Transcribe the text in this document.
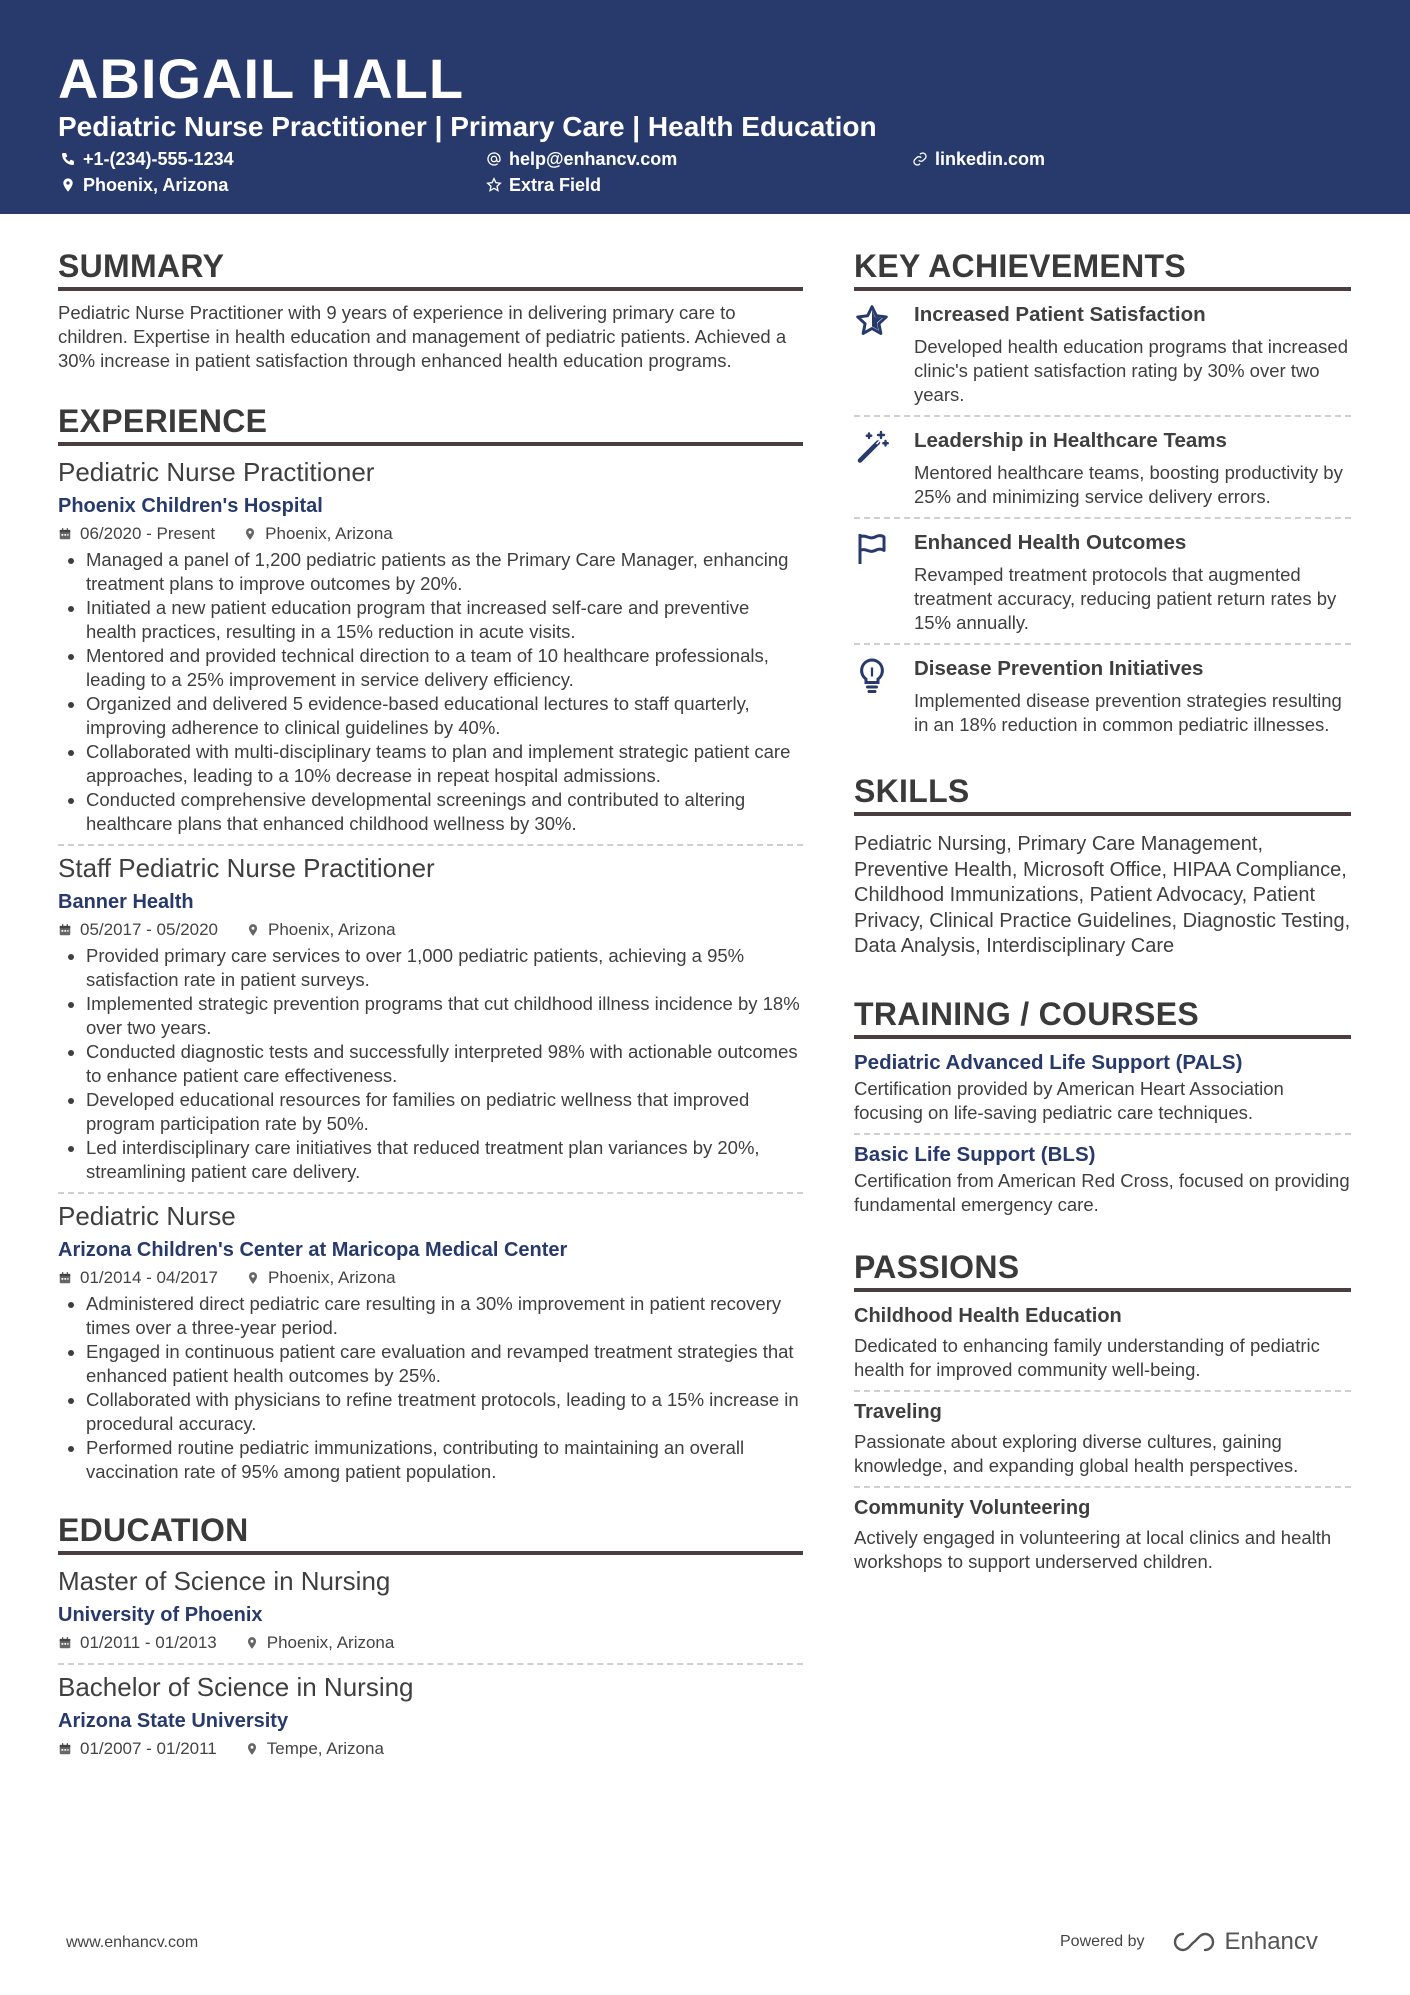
ABIGAIL HALL
Pediatric Nurse Practitioner | Primary Care | Health Education
+1-(234)-555-1234	help@enhancv.com	linkedin.com
Phoenix, Arizona	Extra Field
SUMMARY
Pediatric Nurse Practitioner with 9 years of experience in delivering primary care to children. Expertise in health education and management of pediatric patients. Achieved a 30% increase in patient satisfaction through enhanced health education programs.
EXPERIENCE
Pediatric Nurse Practitioner
Phoenix Children's Hospital
06/2020 - Present	Phoenix, Arizona
• Managed a panel of 1,200 pediatric patients as the Primary Care Manager, enhancing treatment plans to improve outcomes by 20%.
• Initiated a new patient education program that increased self-care and preventive health practices, resulting in a 15% reduction in acute visits.
• Mentored and provided technical direction to a team of 10 healthcare professionals, leading to a 25% improvement in service delivery efficiency.
• Organized and delivered 5 evidence-based educational lectures to staff quarterly, improving adherence to clinical guidelines by 40%.
• Collaborated with multi-disciplinary teams to plan and implement strategic patient care approaches, leading to a 10% decrease in repeat hospital admissions.
• Conducted comprehensive developmental screenings and contributed to altering healthcare plans that enhanced childhood wellness by 30%.
Staff Pediatric Nurse Practitioner
Banner Health
05/2017 - 05/2020	Phoenix, Arizona
• Provided primary care services to over 1,000 pediatric patients, achieving a 95% satisfaction rate in patient surveys.
• Implemented strategic prevention programs that cut childhood illness incidence by 18% over two years.
• Conducted diagnostic tests and successfully interpreted 98% with actionable outcomes to enhance patient care effectiveness.
• Developed educational resources for families on pediatric wellness that improved program participation rate by 50%.
• Led interdisciplinary care initiatives that reduced treatment plan variances by 20%, streamlining patient care delivery.
Pediatric Nurse
Arizona Children's Center at Maricopa Medical Center
01/2014 - 04/2017	Phoenix, Arizona
• Administered direct pediatric care resulting in a 30% improvement in patient recovery times over a three-year period.
• Engaged in continuous patient care evaluation and revamped treatment strategies that enhanced patient health outcomes by 25%.
• Collaborated with physicians to refine treatment protocols, leading to a 15% increase in procedural accuracy.
• Performed routine pediatric immunizations, contributing to maintaining an overall vaccination rate of 95% among patient population.
EDUCATION
Master of Science in Nursing
University of Phoenix
01/2011 - 01/2013	Phoenix, Arizona
Bachelor of Science in Nursing
Arizona State University
01/2007 - 01/2011	Tempe, Arizona
KEY ACHIEVEMENTS
Increased Patient Satisfaction
Developed health education programs that increased clinic's patient satisfaction rating by 30% over two years.
Leadership in Healthcare Teams
Mentored healthcare teams, boosting productivity by 25% and minimizing service delivery errors.
Enhanced Health Outcomes
Revamped treatment protocols that augmented treatment accuracy, reducing patient return rates by 15% annually.
Disease Prevention Initiatives
Implemented disease prevention strategies resulting in an 18% reduction in common pediatric illnesses.
SKILLS
Pediatric Nursing, Primary Care Management, Preventive Health, Microsoft Office, HIPAA Compliance, Childhood Immunizations, Patient Advocacy, Patient Privacy, Clinical Practice Guidelines, Diagnostic Testing, Data Analysis, Interdisciplinary Care
TRAINING / COURSES
Pediatric Advanced Life Support (PALS)
Certification provided by American Heart Association focusing on life-saving pediatric care techniques.
Basic Life Support (BLS)
Certification from American Red Cross, focused on providing fundamental emergency care.
PASSIONS
Childhood Health Education
Dedicated to enhancing family understanding of pediatric health for improved community well-being.
Traveling
Passionate about exploring diverse cultures, gaining knowledge, and expanding global health perspectives.
Community Volunteering
Actively engaged in volunteering at local clinics and health workshops to support underserved children.
www.enhancv.com	Powered by	Enhancv
